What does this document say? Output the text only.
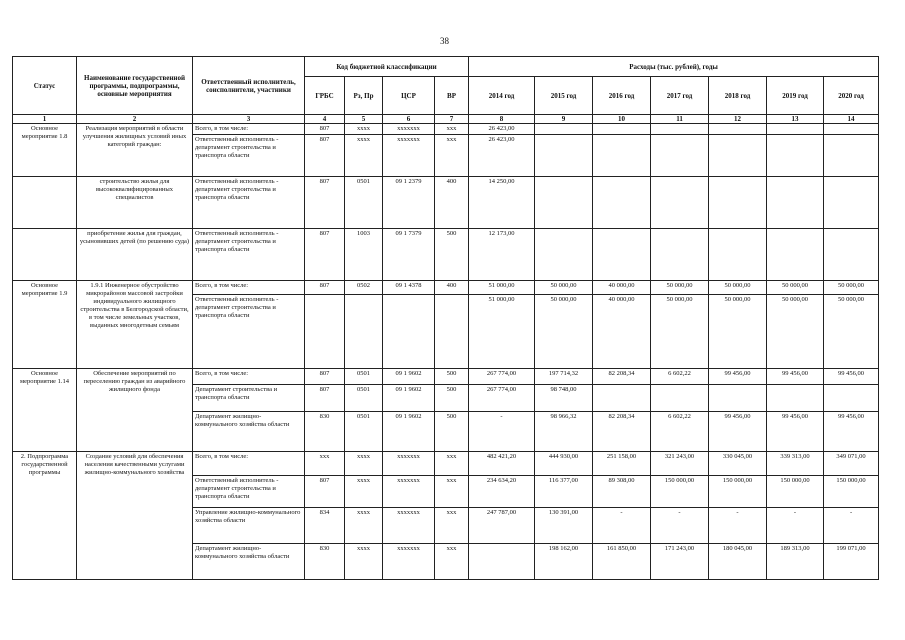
38
Статус	Наименование государственной программы, подпрограммы, основные мероприятия	Ответственный исполнитель, соисполнители, участники	Код бюджетной классификации				Расходы (тыс. рублей), годы						
			ГРБС	Рз, Пр	ЦСР	ВР	2014 год	2015 год	2016 год	2017 год	2018 год	2019 год	2020 год
1	2	3	4	5	6	7	8	9	10	11	12	13	14
Основное мероприятие 1.8	Реализация мероприятий в области улучшения жилищных условий иных категорий граждан:	Всего, в том числе:	807	хххх	ххххххх	ххх	26 423,00						
		Ответственный исполнитель - департамент строительства и транспорта области	807	хххх	ххххххх	ххх	26 423,00						
	строительство жилья для высококвалифицированных специалистов	Ответственный исполнитель - департамент строительства и транспорта области	807	0501	09 1 2379	400	14 250,00						
	приобретение жилья для граждан, усыновивших детей (по решению суда)	Ответственный исполнитель - департамент строительства и транспорта области	807	1003	09 1 7379	500	12 173,00						
Основное мероприятие 1.9	1.9.1 Инженерное обустройство микрорайонов массовой застройки индивидуального жилищного строительства в Белгородской области, в том числе земельных участков, выданных многодетным семьям	Всего, в том числе:	807	0502	09 1 4378	400	51 000,00	50 000,00	40 000,00	50 000,00	50 000,00	50 000,00	50 000,00
		Ответственный исполнитель - департамент строительства и транспорта области					51 000,00	50 000,00	40 000,00	50 000,00	50 000,00	50 000,00	50 000,00
Основное мероприятие 1.14	Обеспечение мероприятий по переселению граждан из аварийного жилищного фонда	Всего, в том числе:	807	0501	09 1 9602	500	267 774,00	197 714,32	82 208,34	6 602,22	99 456,00	99 456,00	99 456,00
		Департамент строительства и транспорта области	807	0501	09 1 9602	500	267 774,00	98 748,00					
		Департамент жилищно-коммунального хозяйства области	830	0501	09 1 9602	500	-	98 966,32	82 208,34	6 602,22	99 456,00	99 456,00	99 456,00
2. Подпрограмма государственной программы	Создание условий для обеспечения населения качественными услугами жилищно-коммунального хозяйства	Всего, в том числе:	ххх	хххх	ххххххх	ххх	482 421,20	444 930,00	251 158,00	321 243,00	330 045,00	339 313,00	349 071,00
		Ответственный исполнитель - департамент строительства и транспорта области	807	хххх	ххххххх	ххх	234 634,20	116 377,00	89 308,00	150 000,00	150 000,00	150 000,00	150 000,00
		Управление жилищно-коммунального хозяйства области	834	хххх	ххххххх	ххх	247 787,00	130 391,00	-	-	-	-	-
		Департамент жилищно-коммунального хозяйства области	830	хххх	ххххххх	ххх		198 162,00	161 850,00	171 243,00	180 045,00	189 313,00	199 071,00
